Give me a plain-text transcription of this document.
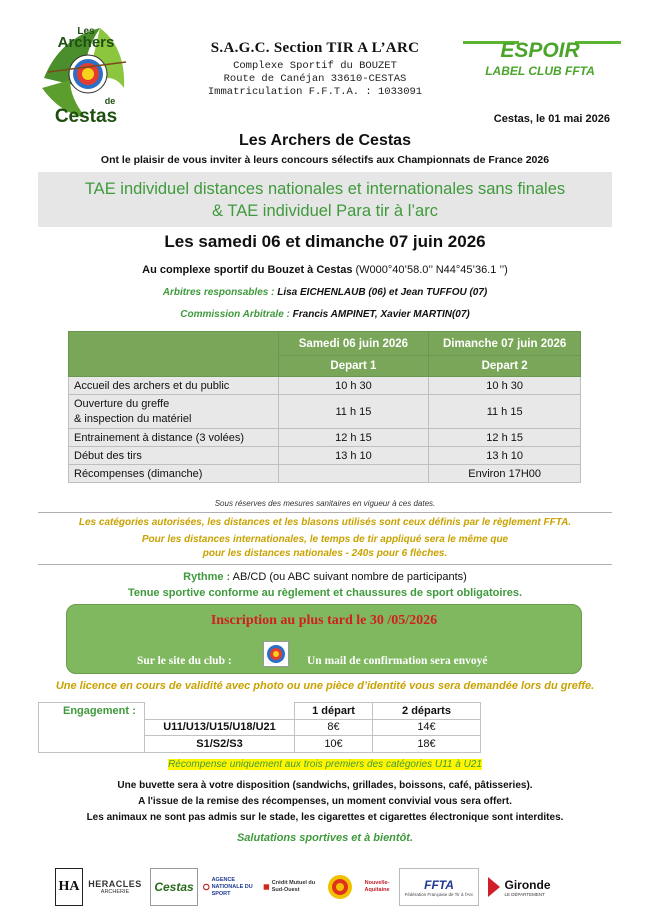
Les
Archers
de
Cestas
S.A.G.C. Section TIR A L’ARC
Complexe Sportif du BOUZET
Route de Canéjan 33610-CESTAS
Immatriculation F.F.T.A. : 1033091
ESPOIR
LABEL CLUB FFTA
Cestas, le 01 mai 2026
Les Archers de Cestas
Ont le plaisir de vous inviter à leurs concours sélectifs aux Championnats de France 2026
TAE individuel distances nationales et internationales sans finales
& TAE individuel Para tir à l’arc
Les samedi 06 et dimanche 07 juin 2026
Au complexe sportif du Bouzet à Cestas (W000°40’58.0’’ N44°45’36.1 ’’)
Arbitres responsables : Lisa EICHENLAUB (06) et Jean TUFFOU (07)
Commission Arbitrale : Francis AMPINET, Xavier MARTIN(07)
	Samedi 06 juin 2026	Dimanche 07 juin 2026
	Depart 1	Depart 2
Accueil des archers et du public	10 h 30	10 h 30

Ouverture du greffe
& inspection du matériel	11 h 15	11 h 15
Entrainement à distance (3 volées)	12 h 15	12 h 15
Début des tirs	13 h 10	13 h 10
Récompenses (dimanche)		Environ 17H00
Sous réserves des mesures sanitaires en vigueur à ces dates.
Les catégories autorisées, les distances et les blasons utilisés sont ceux définis par le règlement FFTA.
Pour les distances internationales, le temps de tir appliqué sera le même que
pour les distances nationales - 240s pour 6 flèches.
Rythme : AB/CD (ou ABC suivant nombre de participants)
Tenue sportive conforme au règlement et chaussures de sport obligatoires.
Inscription au plus tard le 30 /05/2026
Sur le site du club :	Un mail de confirmation sera envoyé
Une licence en cours de validité avec photo ou une pièce d’identité vous sera demandée lors du greffe.
Engagement :		1 départ	2 départs
	U11/U13/U15/U18/U21	8€	14€
	S1/S2/S3	10€	18€
Récompense uniquement aux trois premiers des catégories U11 à U21
Une buvette sera à votre disposition (sandwichs, grillades, boissons, café, pâtisseries).
A l'issue de la remise des récompenses, un moment convivial vous sera offert.
Les animaux ne sont pas admis sur le stade, les cigarettes et cigarettes électronique sont interdites.
Salutations sportives et à bientôt.
HA HERACLES
ARCHERIE Cestas
AGENCE NATIONALE DU SPORT
Crédit Mutuel du Sud-Ouest
Nouvelle-Aquitaine	FFTA
Fédération Française de Tir à l'Arc
Gironde
LE DÉPARTEMENT
